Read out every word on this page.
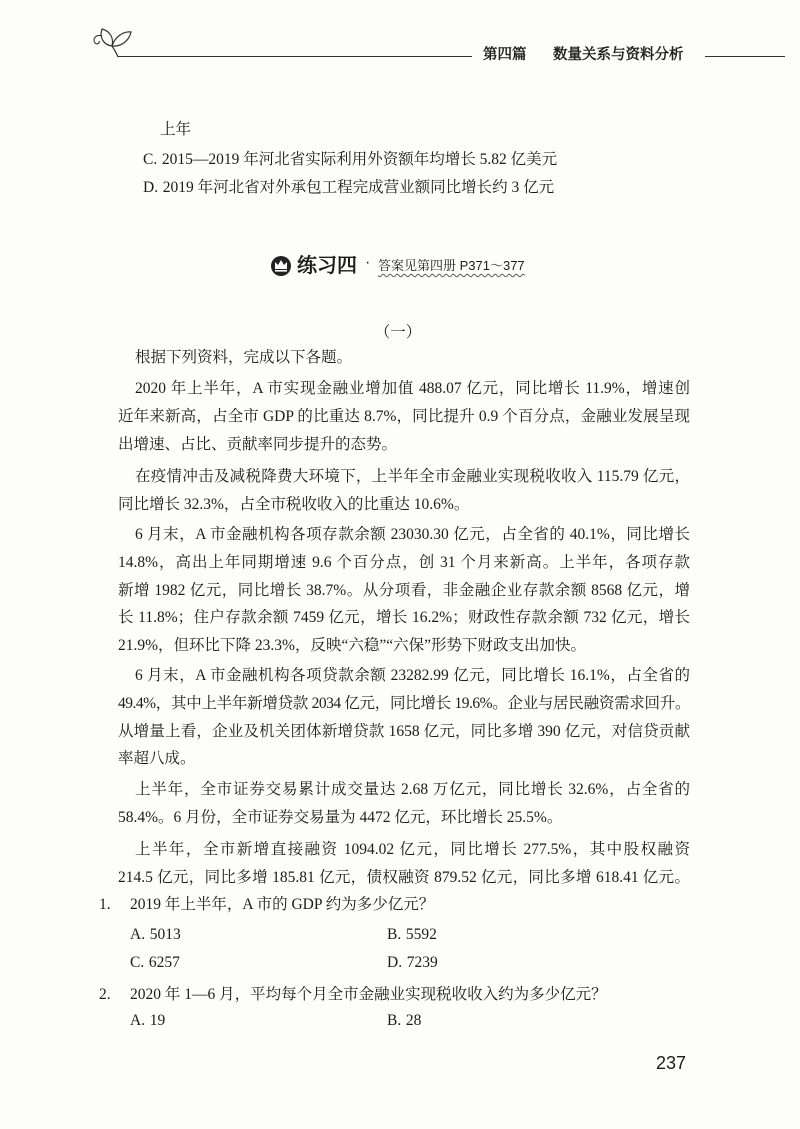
第四篇 数量关系与资料分析
上年
C. 2015—2019 年河北省实际利用外资额年均增长 5.82 亿美元
D. 2019 年河北省对外承包工程完成营业额同比增长约 3 亿元
练习四 · 答案见第四册 P371～377
（一）
根据下列资料，完成以下各题。
2020 年上半年，A 市实现金融业增加值 488.07 亿元，同比增长 11.9%，增速创
近年来新高，占全市 GDP 的比重达 8.7%，同比提升 0.9 个百分点，金融业发展呈现
出增速、占比、贡献率同步提升的态势。
在疫情冲击及减税降费大环境下，上半年全市金融业实现税收收入 115.79 亿元，
同比增长 32.3%，占全市税收收入的比重达 10.6%。
6 月末，A 市金融机构各项存款余额 23030.30 亿元，占全省的 40.1%，同比增长
14.8%，高出上年同期增速 9.6 个百分点，创 31 个月来新高。上半年，各项存款
新增 1982 亿元，同比增长 38.7%。从分项看，非金融企业存款余额 8568 亿元，增
长 11.8%；住户存款余额 7459 亿元，增长 16.2%；财政性存款余额 732 亿元，增长
21.9%，但环比下降 23.3%，反映“六稳”“六保”形势下财政支出加快。
6 月末，A 市金融机构各项贷款余额 23282.99 亿元，同比增长 16.1%，占全省的
49.4%，其中上半年新增贷款 2034 亿元，同比增长 19.6%。企业与居民融资需求回升。
从增量上看，企业及机关团体新增贷款 1658 亿元，同比多增 390 亿元，对信贷贡献
率超八成。
上半年，全市证券交易累计成交量达 2.68 万亿元，同比增长 32.6%，占全省的
58.4%。6 月份，全市证券交易量为 4472 亿元，环比增长 25.5%。
上半年，全市新增直接融资 1094.02 亿元，同比增长 277.5%，其中股权融资
214.5 亿元，同比多增 185.81 亿元，债权融资 879.52 亿元，同比多增 618.41 亿元。
1. 2019 年上半年，A 市的 GDP 约为多少亿元？
A. 5013	B. 5592
C. 6257	D. 7239
2. 2020 年 1—6 月，平均每个月全市金融业实现税收收入约为多少亿元？
A. 19	B. 28
237
